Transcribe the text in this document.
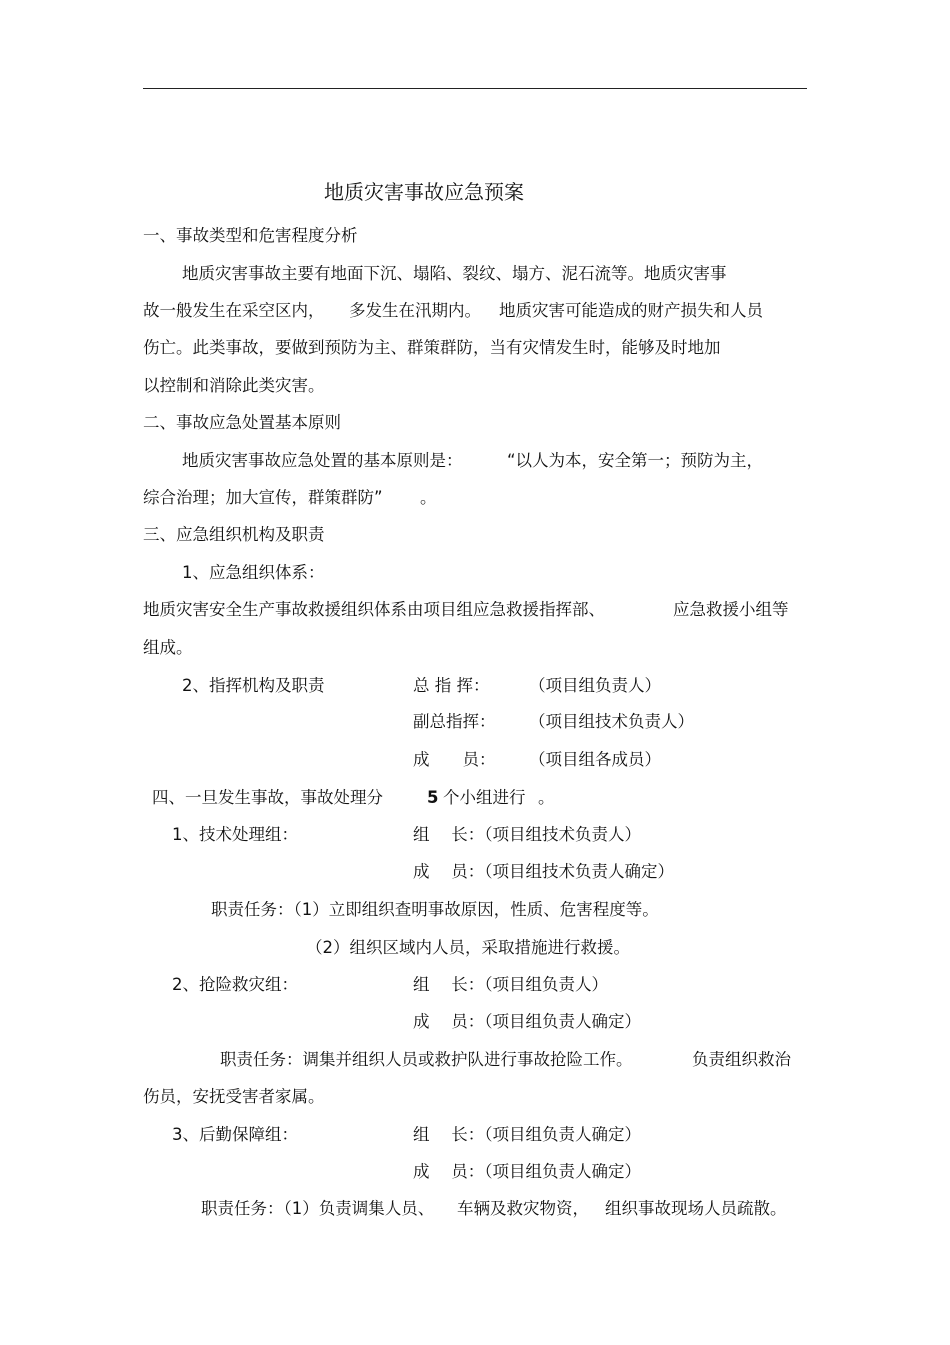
地质灾害事故应急预案
一、事故类型和危害程度分析
地质灾害事故主要有地面下沉、塌陷、裂纹、塌方、泥石流等。地质灾害事
故一般发生在采空区内， 多发生在汛期内。 地质灾害可能造成的财产损失和人员
伤亡。此类事故，要做到预防为主、群策群防，当有灾情发生时，能够及时地加
以控制和消除此类灾害。
二、事故应急处置基本原则
地质灾害事故应急处置的基本原则是：	“以人为本，安全第一；预防为主，
综合治理；加大宣传，群策群防” 。
三、应急组织机构及职责
1、应急组织体系：
地质灾害安全生产事故救援组织体系由项目组应急救援指挥部、	应急救援小组等
组成。
2、指挥机构及职责	总 指 挥： （项目组负责人）
副总指挥： （项目组技术负责人）
成　　员： （项目组各成员）
四、一旦发生事故，事故处理分	5 个小组进行 。
1、技术处理组：	组　 长：（项目组技术负责人）
成　 员：（项目组技术负责人确定）
职责任务：（1）立即组织查明事故原因，性质、危害程度等。
（2）组织区域内人员，采取措施进行救援。
2、抢险救灾组：	组　 长：（项目组负责人）
成　 员：（项目组负责人确定）
职责任务：调集并组织人员或救护队进行事故抢险工作。	负责组织救治
伤员，安抚受害者家属。
3、后勤保障组：	组　 长：（项目组负责人确定）
成　 员：（项目组负责人确定）
职责任务：（1）负责调集人员、 车辆及救灾物资， 组织事故现场人员疏散。
